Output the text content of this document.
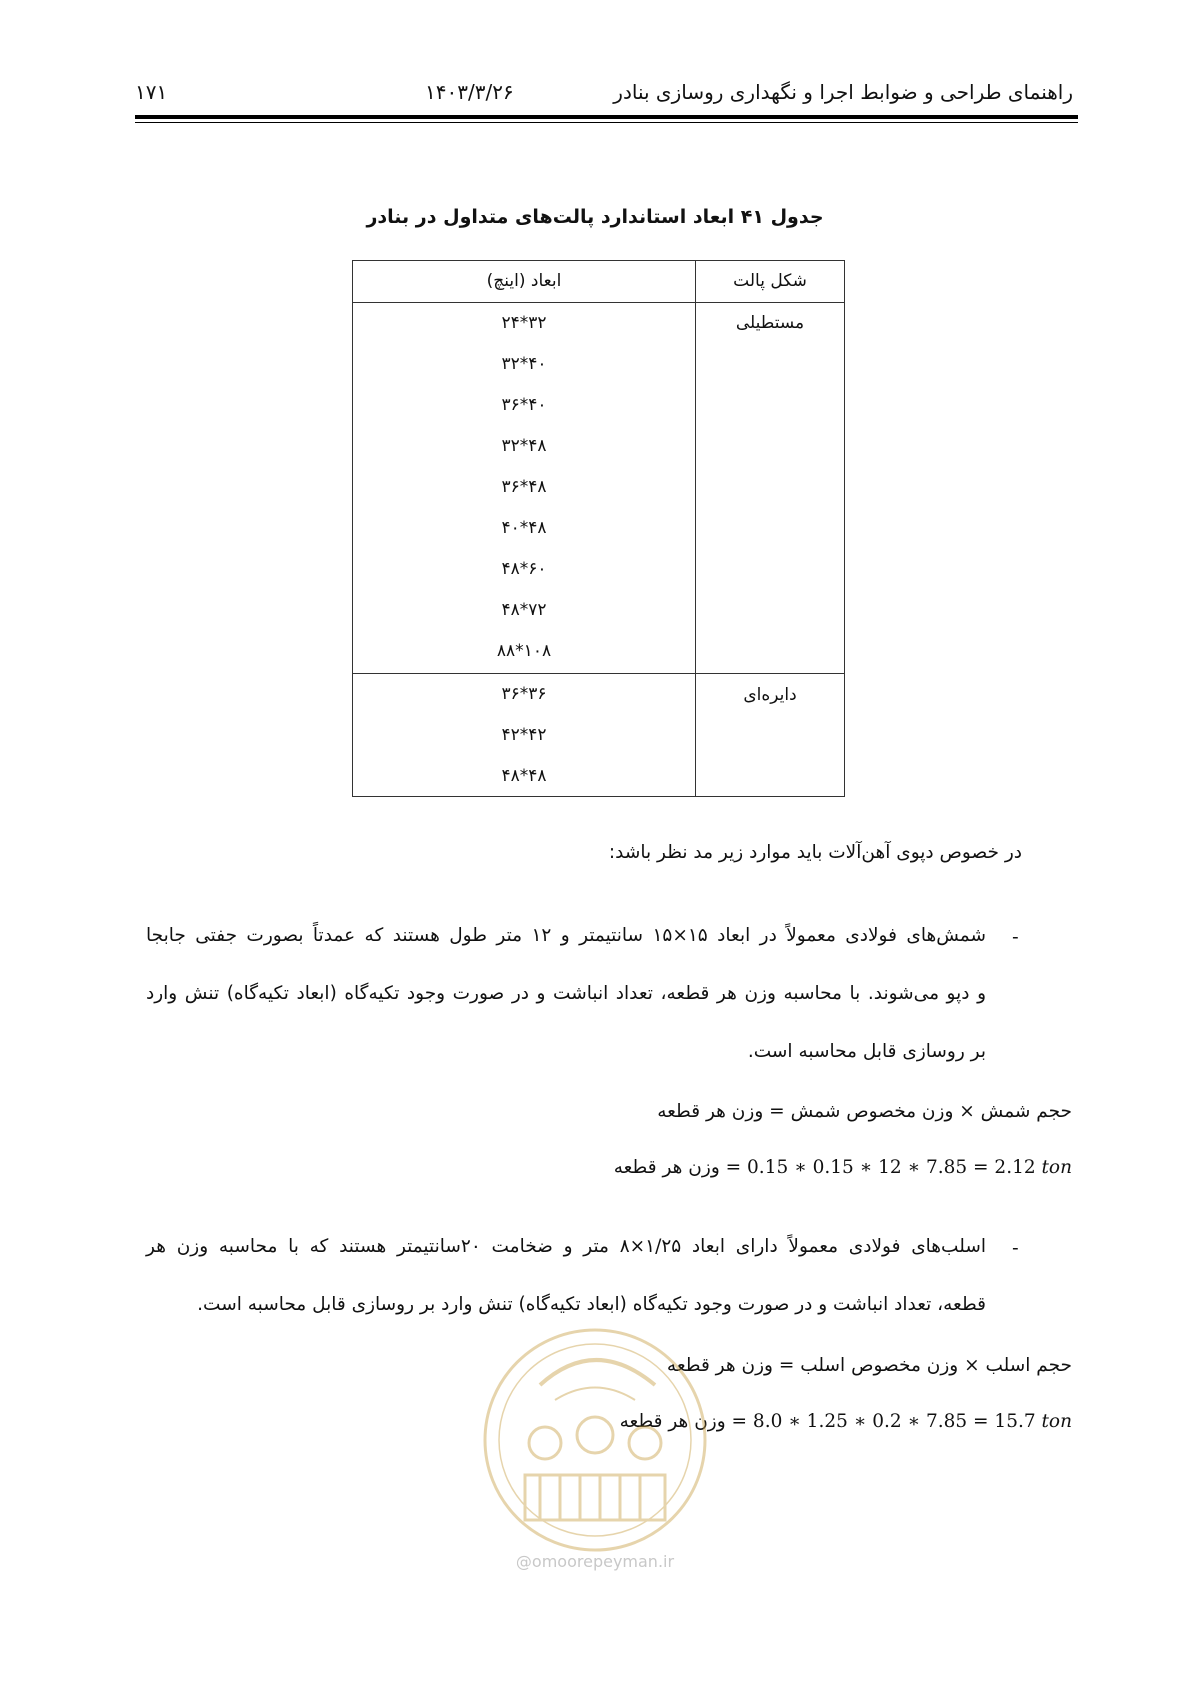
راهنمای طراحی و ضوابط اجرا و نگهداری روسازی بنادر
۱۴۰۳/۳/۲۶
۱۷۱
جدول ۴۱ ابعاد استاندارد پالت‌های متداول در بنادر
شکل پالت
ابعاد (اینچ)
مستطیلی
دایره‌ای
۲۴*۳۲
۳۲*۴۰
۳۶*۴۰
۳۲*۴۸
۳۶*۴۸
۴۰*۴۸
۴۸*۶۰
۴۸*۷۲
۸۸*۱۰۸
۳۶*۳۶
۴۲*۴۲
۴۸*۴۸
در خصوص دپوی آهن‌آلات باید موارد زیر مد نظر باشد:
-
شمش‌های فولادی معمولاً در ابعاد ۱۵×۱۵ سانتیمتر و ۱۲ متر طول هستند که عمدتاً بصورت جفتی جابجا
و دپو می‌شوند. با محاسبه وزن هر قطعه، تعداد انباشت و در صورت وجود تکیه‌گاه (ابعاد تکیه‌گاه) تنش وارد
بر روسازی قابل محاسبه است.
وزن هر قطعه = حجم شمش × وزن مخصوص شمش
وزن هر قطعه = 0.15 ∗ 0.15 ∗ 12 ∗ 7.85 = 2.12 ton
-
اسلب‌های فولادی معمولاً دارای ابعاد ۱/۲۵×۸ متر و ضخامت ۲۰سانتیمتر هستند که با محاسبه وزن هر
قطعه، تعداد انباشت و در صورت وجود تکیه‌گاه (ابعاد تکیه‌گاه) تنش وارد بر روسازی قابل محاسبه است.
وزن هر قطعه = حجم اسلب × وزن مخصوص اسلب
وزن هر قطعه = 8.0 ∗ 1.25 ∗ 0.2 ∗ 7.85 = 15.7 ton
@omoorepeyman.ir
